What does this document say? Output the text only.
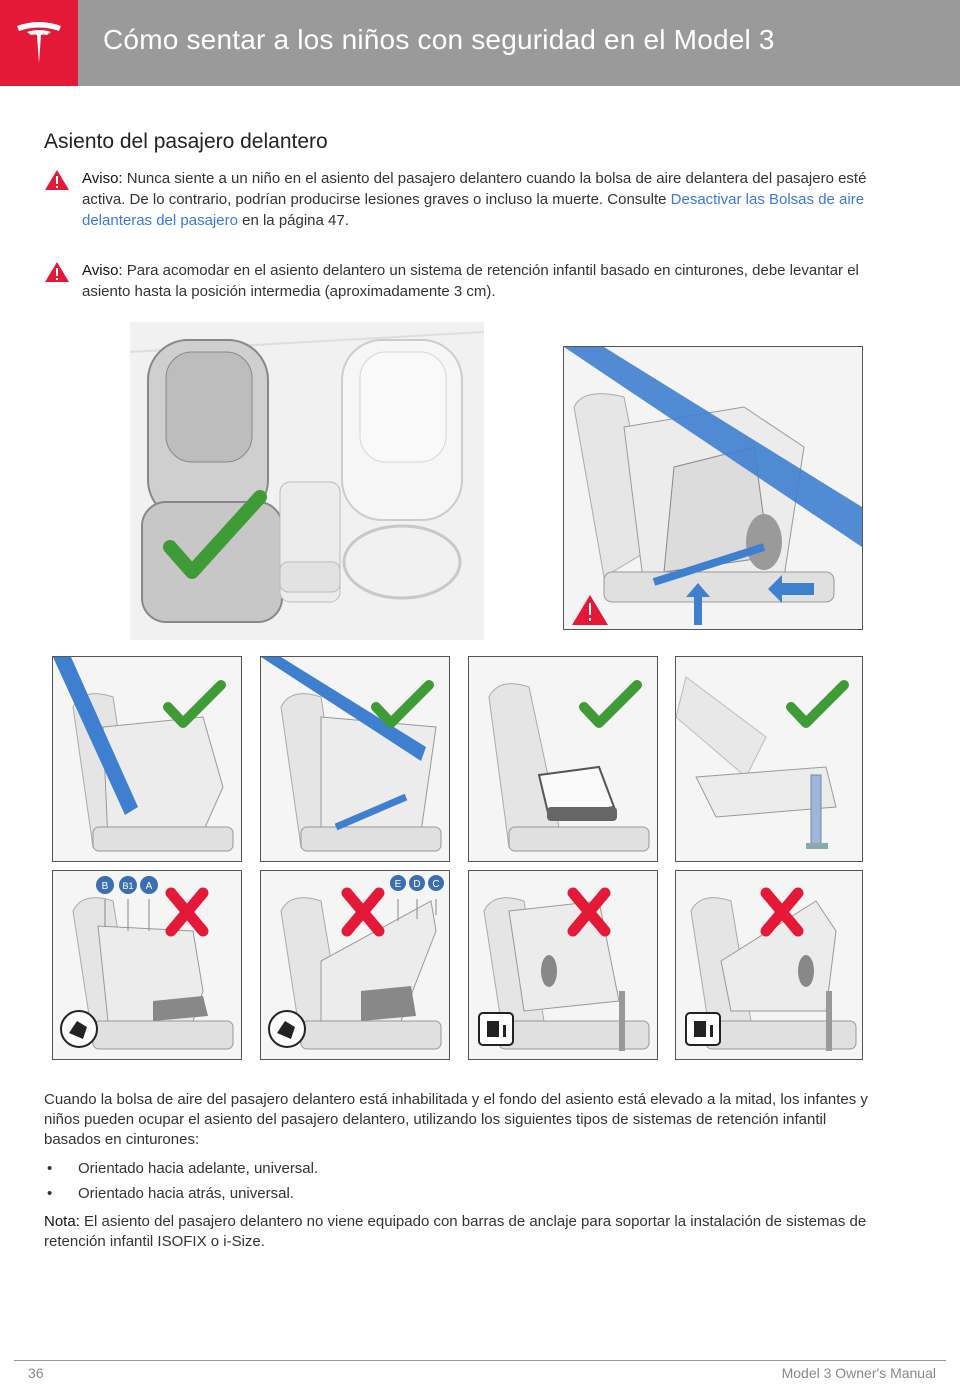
Cómo sentar a los niños con seguridad en el Model 3
Asiento del pasajero delantero

Aviso: Nunca siente a un niño en el asiento del pasajero delantero cuando la bolsa de aire delantera del pasajero esté activa. De lo contrario, podrían producirse lesiones graves o incluso la muerte. Consulte Desactivar las Bolsas de aire delanteras del pasajero en la página 47.

Aviso: Para acomodar en el asiento delantero un sistema de retención infantil basado en cinturones, debe levantar el asiento hasta la posición intermedia (aproximadamente 3 cm).

B B1 A	E D C

Cuando la bolsa de aire del pasajero delantero está inhabilitada y el fondo del asiento está elevado a la mitad, los infantes y niños pueden ocupar el asiento del pasajero delantero, utilizando los siguientes tipos de sistemas de retención infantil basados en cinturones:

• Orientado hacia adelante, universal.
• Orientado hacia atrás, universal.
Nota: El asiento del pasajero delantero no viene equipado con barras de anclaje para soportar la instalación de sistemas de retención infantil ISOFIX o i-Size.
36	Model 3 Owner's Manual
